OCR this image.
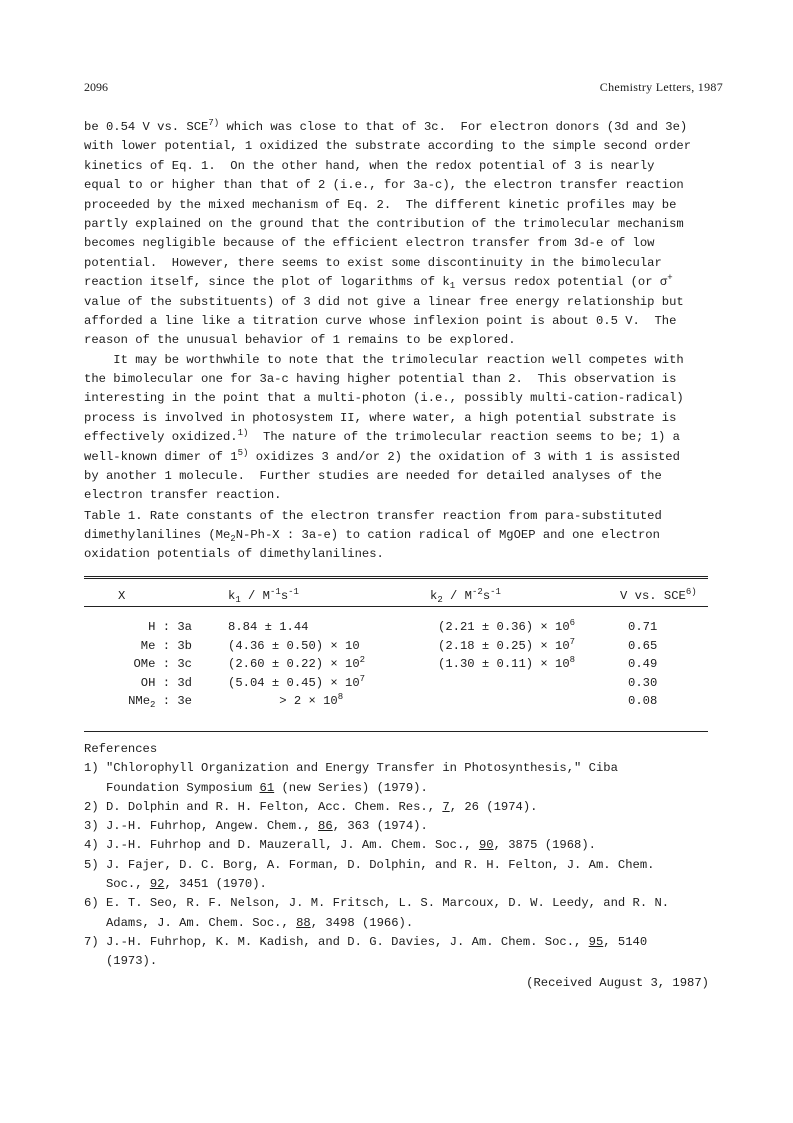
2096	Chemistry Letters, 1987
be 0.54 V vs. SCE$^{7)}$ which was close to that of 3c.  For electron donors (3d and 3e)
with lower potential, 1 oxidized the substrate according to the simple second order
kinetics of Eq. 1.  On the other hand, when the redox potential of 3 is nearly
equal to or higher than that of 2 (i.e., for 3a-c), the electron transfer reaction
proceeded by the mixed mechanism of Eq. 2.  The different kinetic profiles may be
partly explained on the ground that the contribution of the trimolecular mechanism
becomes negligible because of the efficient electron transfer from 3d-e of low
potential.  However, there seems to exist some discontinuity in the bimolecular
reaction itself, since the plot of logarithms of $k_1$ versus redox potential (or σ+
value of the substituents) of 3 did not give a linear free energy relationship but
afforded a line like a titration curve whose inflexion point is about 0.5 V.  The
reason of the unusual behavior of 1 remains to be explored.
It may be worthwhile to note that the trimolecular reaction well competes with
the bimolecular one for 3a-c having higher potential than 2.  This observation is
interesting in the point that a multi-photon (i.e., possibly multi-cation-radical)
process is involved in photosystem II, where water, a high potential substrate is
effectively oxidized.$^{1)}$  The nature of the trimolecular reaction seems to be; 1) a
well-known dimer of 1$^{5)}$ oxidizes 3 and/or 2) the oxidation of 3 with 1 is assisted
by another 1 molecule.  Further studies are needed for detailed analyses of the
electron transfer reaction.
Table 1. Rate constants of the electron transfer reaction from para-substituted
dimethylanilines ($Me_2N-Ph-X$ : 3a-e) to cation radical of MgOEP and one electron
oxidation potentials of dimethylanilines.
X	$k_1 / M^{-1}s^{-1}$	$k_2 / M^{-2}s^{-1}$	V vs. SCE$^{6)}$
H : 3a	8.84 ± 1.44	$(2.21 \pm 0.36) \times 10^6$	0.71
Me : 3b	(4.36 ± 0.50) × 10	$(2.18 \pm 0.25) \times 10^7$	0.65
OMe : 3c	$(2.60 \pm 0.22) \times 10^2$	$(1.30 \pm 0.11) \times 10^8$	0.49
OH : 3d	$(5.04 \pm 0.45) \times 10^7$		0.30
NMe$_2$ : 3e	> $2 \times 10^8$		0.08
References
1) "Chlorophyll Organization and Energy Transfer in Photosynthesis," Ciba
Foundation Symposium 61 (new Series) (1979).
2) D. Dolphin and R. H. Felton, Acc. Chem. Res., 7, 26 (1974).
3) J.-H. Fuhrhop, Angew. Chem., 86, 363 (1974).
4) J.-H. Fuhrhop and D. Mauzerall, J. Am. Chem. Soc., 90, 3875 (1968).
5) J. Fajer, D. C. Borg, A. Forman, D. Dolphin, and R. H. Felton, J. Am. Chem.
Soc., 92, 3451 (1970).
6) E. T. Seo, R. F. Nelson, J. M. Fritsch, L. S. Marcoux, D. W. Leedy, and R. N.
Adams, J. Am. Chem. Soc., 88, 3498 (1966).
7) J.-H. Fuhrhop, K. M. Kadish, and D. G. Davies, J. Am. Chem. Soc., 95, 5140
(1973).
(Received August 3, 1987)
